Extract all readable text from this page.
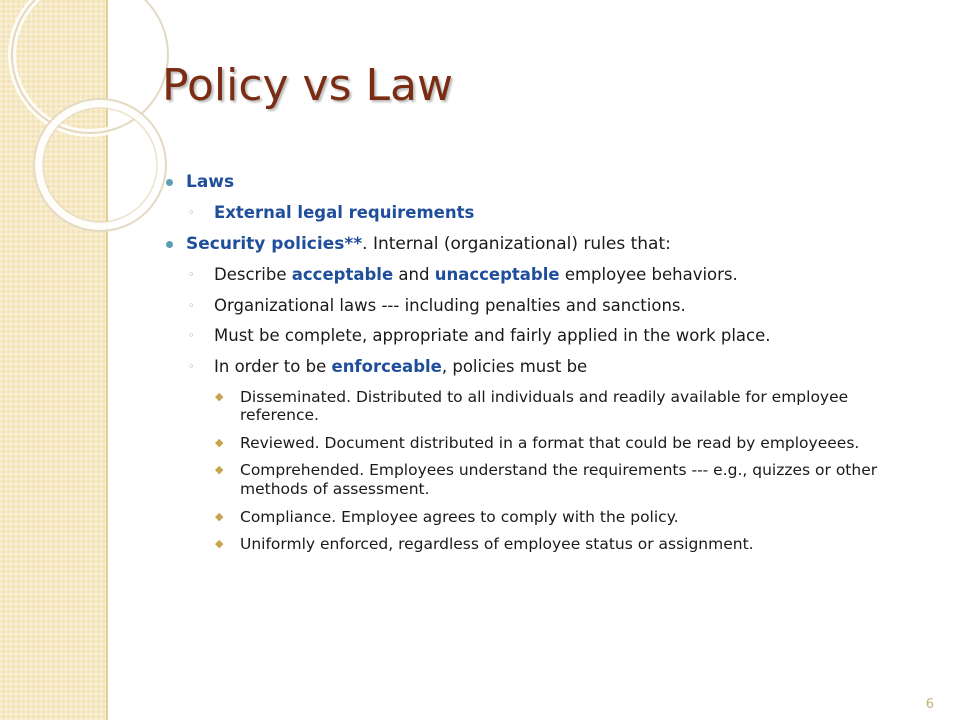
Policy vs Law
Laws
◦ External legal requirements
Security policies**. Internal (organizational) rules that:
◦ Describe acceptable and unacceptable employee behaviors.
◦ Organizational laws --- including penalties and sanctions.
◦ Must be complete, appropriate and fairly applied in the work place.
◦ In order to be enforceable, policies must be
◆ Disseminated. Distributed to all individuals and readily available for employee reference.
◆ Reviewed. Document distributed in a format that could be read by employeees.
◆ Comprehended. Employees understand the requirements --- e.g., quizzes or other methods of assessment.
◆ Compliance. Employee agrees to comply with the policy.
◆ Uniformly enforced, regardless of employee status or assignment.
6
